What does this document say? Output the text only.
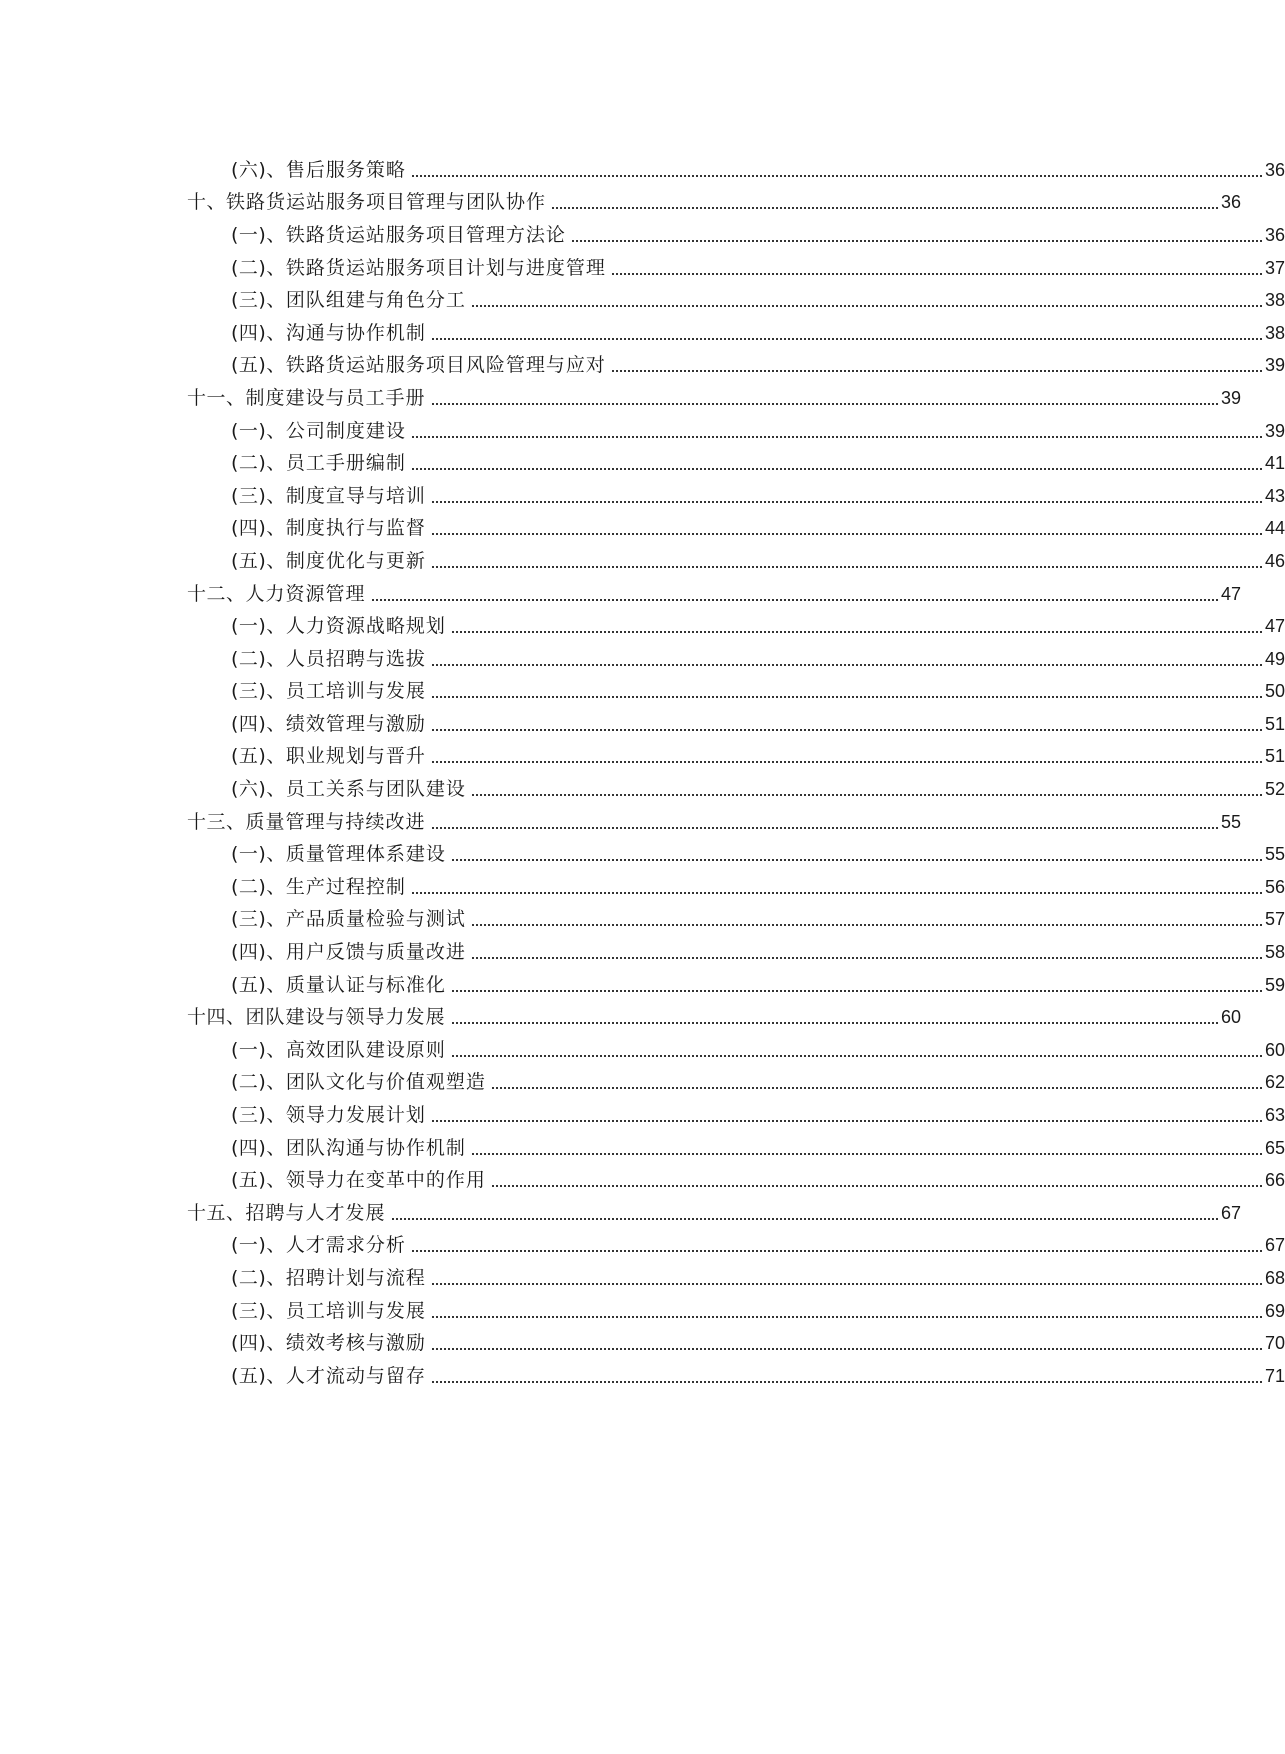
(六)、 售后服务策略	36
十、 铁路货运站服务项目管理与团队协作	36
(一)、 铁路货运站服务项目管理方法论	36
(二)、 铁路货运站服务项目计划与进度管理	37
(三)、 团队组建与角色分工	38
(四)、 沟通与协作机制	38
(五)、 铁路货运站服务项目风险管理与应对	39
十一、 制度建设与员工手册	39
(一)、 公司制度建设	39
(二)、 员工手册编制	41
(三)、 制度宣导与培训	43
(四)、 制度执行与监督	44
(五)、 制度优化与更新	46
十二、 人力资源管理	47
(一)、 人力资源战略规划	47
(二)、 人员招聘与选拔	49
(三)、 员工培训与发展	50
(四)、 绩效管理与激励	51
(五)、 职业规划与晋升	51
(六)、 员工关系与团队建设	52
十三、 质量管理与持续改进	55
(一)、 质量管理体系建设	55
(二)、 生产过程控制	56
(三)、 产品质量检验与测试	57
(四)、 用户反馈与质量改进	58
(五)、 质量认证与标准化	59
十四、 团队建设与领导力发展	60
(一)、 高效团队建设原则	60
(二)、 团队文化与价值观塑造	62
(三)、 领导力发展计划	63
(四)、 团队沟通与协作机制	65
(五)、 领导力在变革中的作用	66
十五、 招聘与人才发展	67
(一)、 人才需求分析	67
(二)、 招聘计划与流程	68
(三)、 员工培训与发展	69
(四)、 绩效考核与激励	70
(五)、 人才流动与留存	71
